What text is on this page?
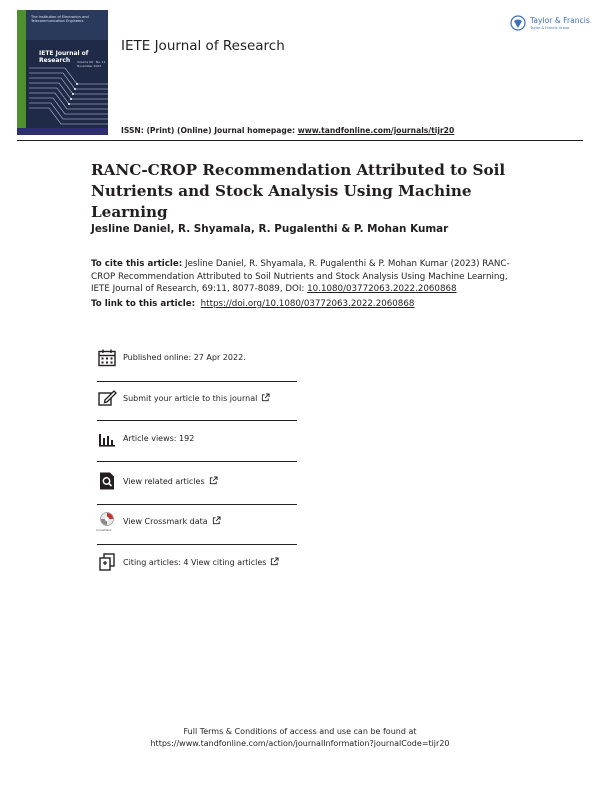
The Institution of Electronics and Telecommunication Engineers
IETE Journal of Research	Volume 69 · No. 11 · November 2023
IETE Journal of Research
Taylor & Francis
Taylor & Francis Group
ISSN: (Print) (Online) Journal homepage: www.tandfonline.com/journals/tijr20
RANC-CROP Recommendation Attributed to Soil
Nutrients and Stock Analysis Using Machine Learning
Jesline Daniel, R. Shyamala, R. Pugalenthi & P. Mohan Kumar
To cite this article: Jesline Daniel, R. Shyamala, R. Pugalenthi & P. Mohan Kumar (2023) RANC-CROP Recommendation Attributed to Soil Nutrients and Stock Analysis Using Machine Learning, IETE Journal of Research, 69:11, 8077-8089, DOI: 10.1080/03772063.2022.2060868
To link to this article: https://doi.org/10.1080/03772063.2022.2060868
Published online: 27 Apr 2022.
Submit your article to this journal
Article views: 192
View related articles
CrossMark
View Crossmark data
Citing articles: 4 View citing articles
Full Terms & Conditions of access and use can be found at
https://www.tandfonline.com/action/journalInformation?journalCode=tijr20
